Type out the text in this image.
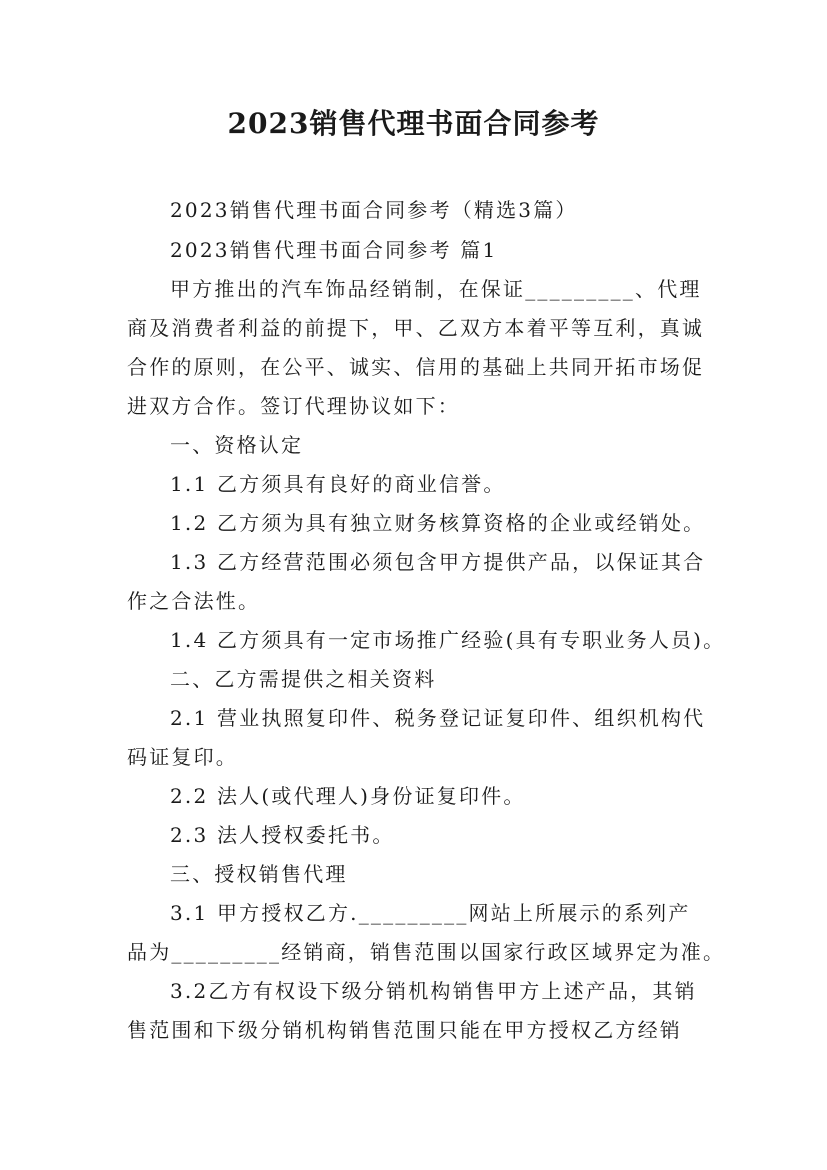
2023销售代理书面合同参考
2023销售代理书面合同参考（精选3篇）
2023销售代理书面合同参考 篇1
甲方推出的汽车饰品经销制，在保证_________、代理
商及消费者利益的前提下，甲、乙双方本着平等互利，真诚
合作的原则，在公平、诚实、信用的基础上共同开拓市场促
进双方合作。签订代理协议如下：
一、资格认定
1.1 乙方须具有良好的商业信誉。
1.2 乙方须为具有独立财务核算资格的企业或经销处。
1.3 乙方经营范围必须包含甲方提供产品，以保证其合
作之合法性。
1.4 乙方须具有一定市场推广经验(具有专职业务人员)。
二、乙方需提供之相关资料
2.1 营业执照复印件、税务登记证复印件、组织机构代
码证复印。
2.2 法人(或代理人)身份证复印件。
2.3 法人授权委托书。
三、授权销售代理
3.1 甲方授权乙方._________网站上所展示的系列产
品为_________经销商，销售范围以国家行政区域界定为准。
3.2乙方有权设下级分销机构销售甲方上述产品，其销
售范围和下级分销机构销售范围只能在甲方授权乙方经销
